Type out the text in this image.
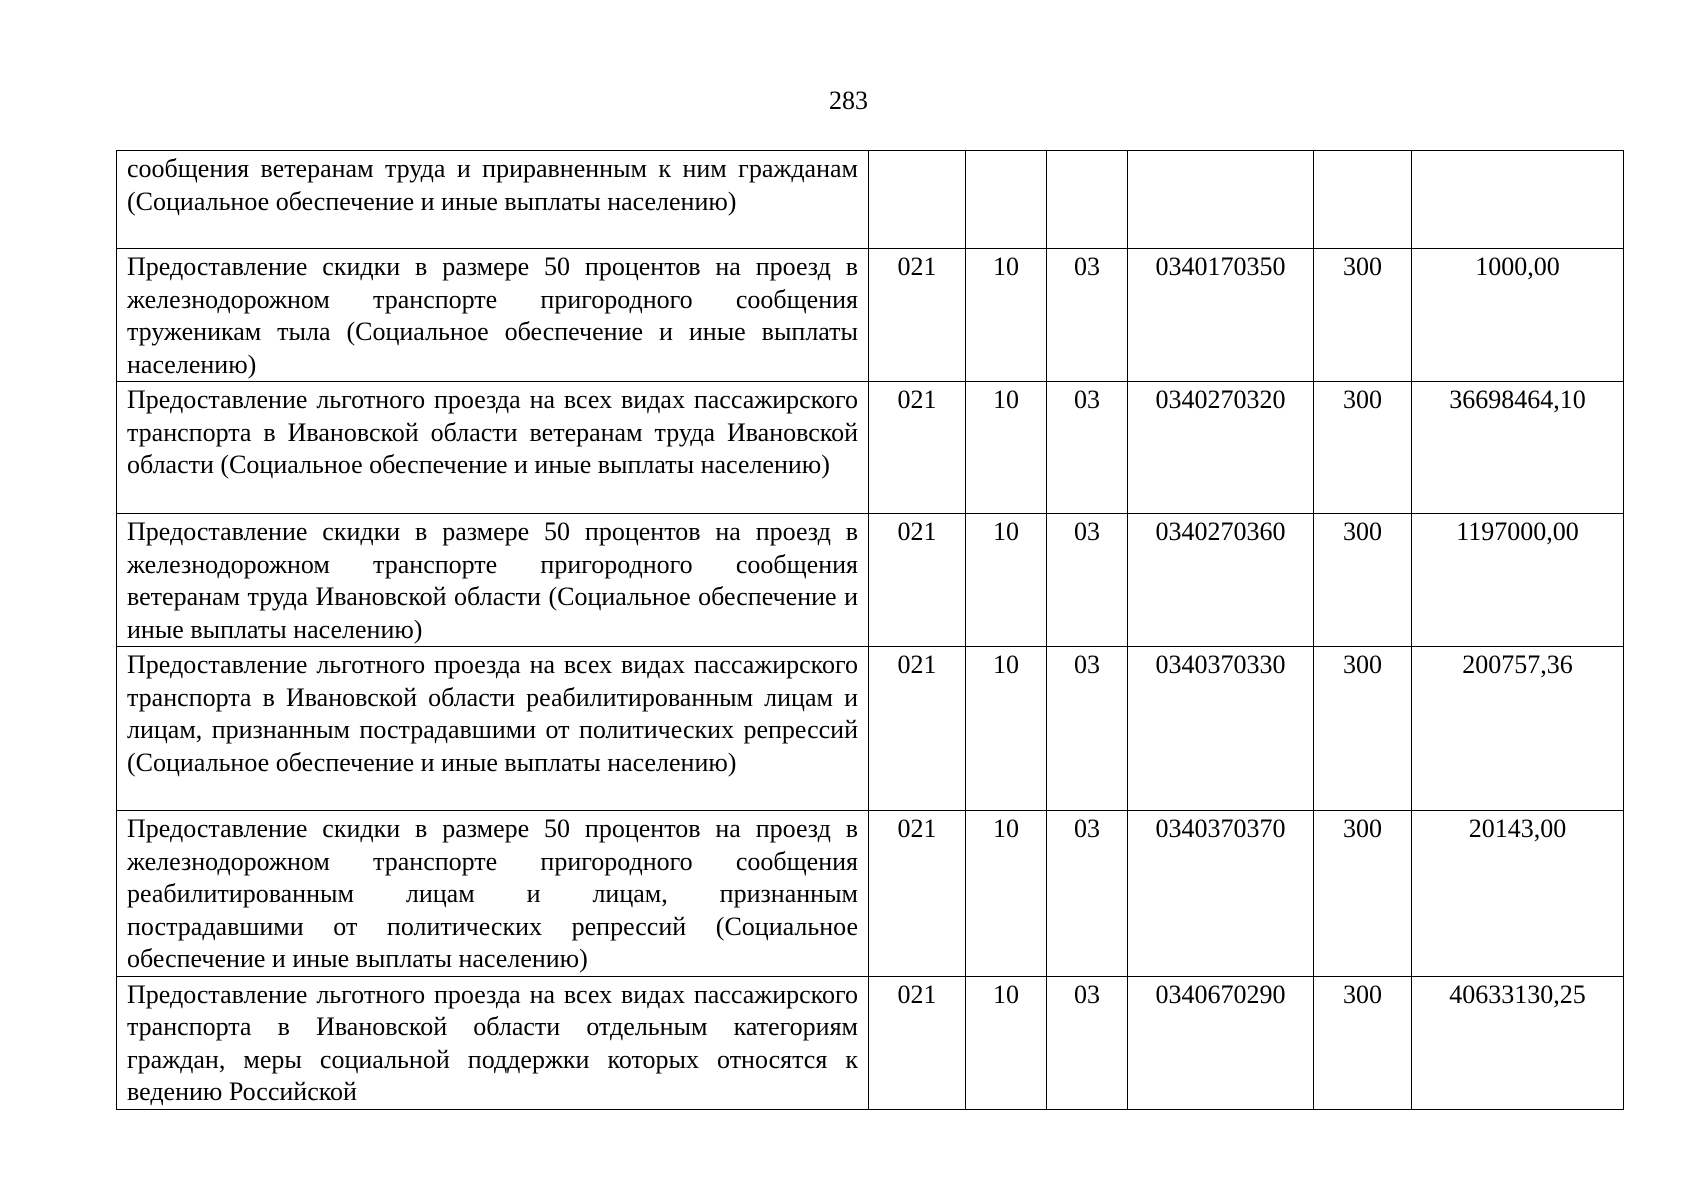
283
сообщения ветеранам труда и приравненным к ним гражданам (Социальное обеспечение и иные выплаты населению)						
Предоставление скидки в размере 50 процентов на проезд в железнодорожном транспорте пригородного сообщения труженикам тыла (Социальное обеспечение и иные выплаты населению)	021	10	03	0340170350	300	1000,00
Предоставление льготного проезда на всех видах пассажирского транспорта в Ивановской области ветеранам труда Ивановской области (Социальное обеспечение и иные выплаты населению)	021	10	03	0340270320	300	36698464,10
Предоставление скидки в размере 50 процентов на проезд в железнодорожном транспорте пригородного сообщения ветеранам труда Ивановской области (Социальное обеспечение и иные выплаты населению)	021	10	03	0340270360	300	1197000,00
Предоставление льготного проезда на всех видах пассажирского транспорта в Ивановской области реабилитированным лицам и лицам, признанным пострадавшими от политических репрессий (Социальное обеспечение и иные выплаты населению)	021	10	03	0340370330	300	200757,36
Предоставление скидки в размере 50 процентов на проезд в железнодорожном транспорте пригородного сообщения реабилитированным лицам и лицам, признанным пострадавшими от политических репрессий (Социальное обеспечение и иные выплаты населению)	021	10	03	0340370370	300	20143,00
Предоставление льготного проезда на всех видах пассажирского транспорта в Ивановской области отдельным категориям граждан, меры социальной поддержки которых относятся к ведению Российской	021	10	03	0340670290	300	40633130,25
